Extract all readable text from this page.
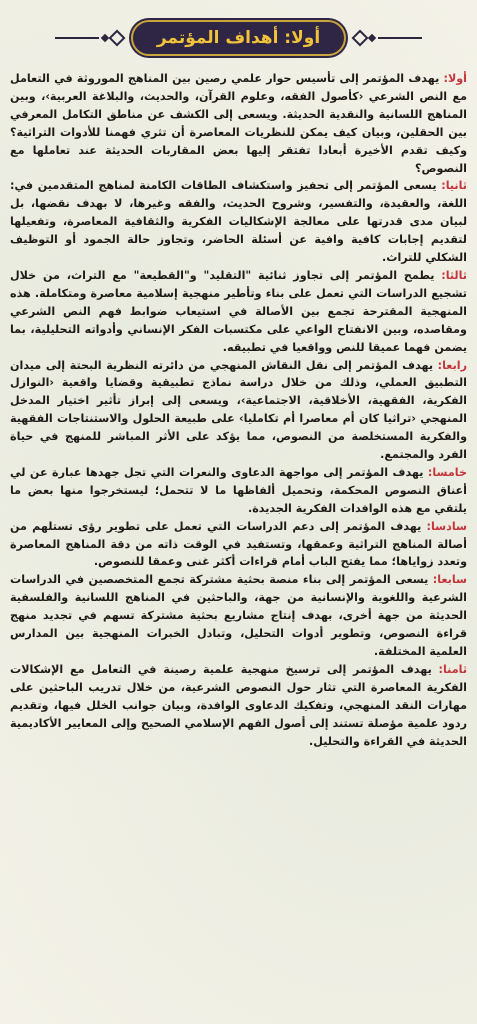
أولا: أهداف المؤتمر

أولا: يهدف المؤتمر إلى تأسيس حوار علمي رصين بين المناهج الموروثة في التعامل مع النص الشرعي ‹كأصول الفقه، وعلوم القرآن، والحديث، والبلاغة العربية›، وبين المناهج اللسانية والنقدية الحديثة. ويسعى إلى الكشف عن مناطق التكامل المعرفي بين الحقلين، وبيان كيف يمكن للنظريات المعاصرة أن تثري فهمنا للأدوات التراثية؟ وكيف تقدم الأخيرة أبعادا تفتقر إليها بعض المقاربات الحديثة عند تعاملها مع النصوص؟

ثانيا: يسعى المؤتمر إلى تحفيز واستكشاف الطاقات الكامنة لمناهج المتقدمين في: اللغة، والعقيدة، والتفسير، وشروح الحديث، والفقه وغيرها، لا بهدف نقضها، بل لبيان مدى قدرتها على معالجة الإشكاليات الفكرية والثقافية المعاصرة، وتفعيلها لتقديم إجابات كافية وافية عن أسئلة الحاضر، وتجاوز حالة الجمود أو التوظيف الشكلي للتراث.

ثالثا: يطمح المؤتمر إلى تجاوز ثنائية "التقليد" و"القطيعة" مع التراث، من خلال تشجيع الدراسات التي تعمل على بناء وتأطير منهجية إسلامية معاصرة ومتكاملة. هذه المنهجية المقترحة تجمع بين الأصالة في استيعاب ضوابط فهم النص الشرعي ومقاصده، وبين الانفتاح الواعي على مكتسبات الفكر الإنساني وأدواته التحليلية، بما يضمن فهما عميقا للنص وواقعيا في تطبيقه.

رابعا: يهدف المؤتمر إلى نقل النقاش المنهجي من دائرته النظرية البحتة إلى ميدان التطبيق العملي، وذلك من خلال دراسة نماذج تطبيقية وقضايا واقعية ‹النوازل الفكرية، الفقهية، الأخلاقية، الاجتماعية›، ويسعى إلى إبراز تأثير اختيار المدخل المنهجي ‹تراثيا كان أم معاصرا أم تكامليا› على طبيعة الحلول والاستنتاجات الفقهية والفكرية المستخلصة من النصوص، مما يؤكد على الأثر المباشر للمنهج في حياة الفرد والمجتمع.

خامسا: يهدف المؤتمر إلى مواجهة الدعاوى والنعرات التي تجل جهدها عبارة عن لي أعناق النصوص المحكمة، وتحميل ألفاظها ما لا تتحمل؛ ليستخرجوا منها بعض ما يلتقي مع هذه الوافدات الفكرية الجديدة.

سادسا: يهدف المؤتمر إلى دعم الدراسات التي تعمل على تطوير رؤى تستلهم من أصالة المناهج التراثية وعمقها، وتستفيد في الوقت ذاته من دقة المناهج المعاصرة وتعدد زواياها؛ مما يفتح الباب أمام قراءات أكثر غنى وعمقا للنصوص.

سابعا: يسعى المؤتمر إلى بناء منصة بحثية مشتركة تجمع المتخصصين في الدراسات الشرعية واللغوية والإنسانية من جهة، والباحثين في المناهج اللسانية والفلسفية الحديثة من جهة أخرى، بهدف إنتاج مشاريع بحثية مشتركة تسهم في تجديد منهج قراءة النصوص، وتطوير أدوات التحليل، وتبادل الخبرات المنهجية بين المدارس العلمية المختلفة.

ثامنا: يهدف المؤتمر إلى ترسيخ منهجية علمية رصينة في التعامل مع الإشكالات الفكرية المعاصرة التي تثار حول النصوص الشرعية، من خلال تدريب الباحثين على مهارات النقد المنهجي، وتفكيك الدعاوى الوافدة، وبيان جوانب الخلل فيها، وتقديم ردود علمية مؤصلة تستند إلى أصول الفهم الإسلامي الصحيح وإلى المعايير الأكاديمية الحديثة في القراءة والتحليل.
